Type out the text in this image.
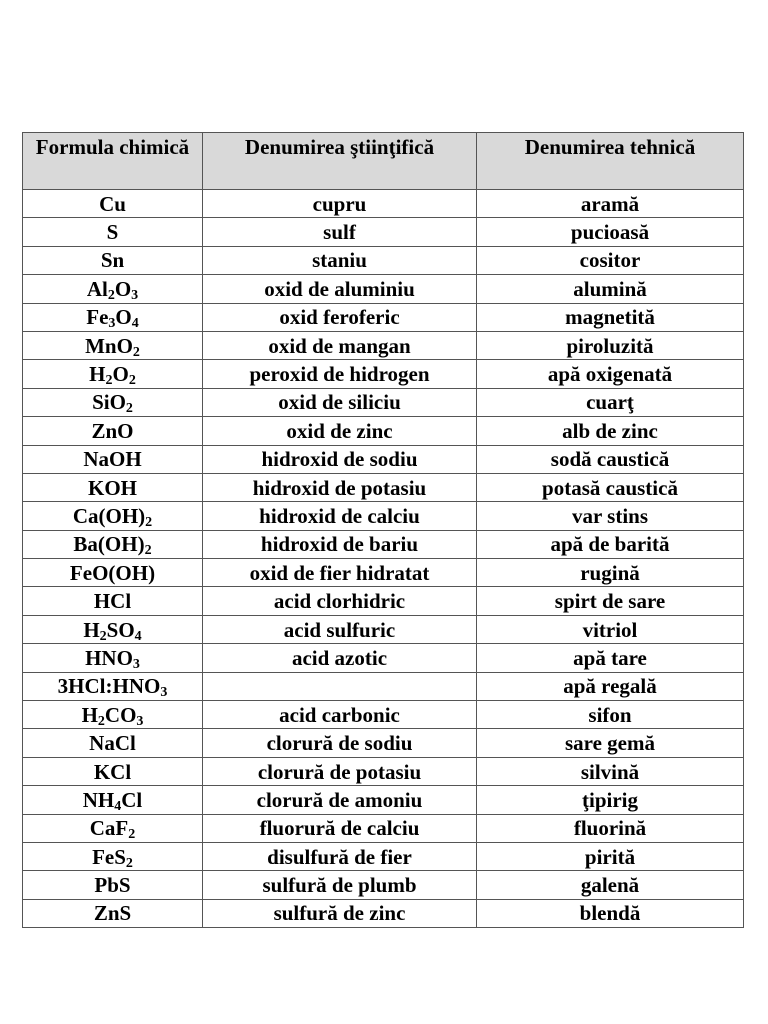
Formula chimică	Denumirea ştiinţifică	Denumirea tehnică
Cu	cupru	aramă
S	sulf	pucioasă
Sn	staniu	cositor
$Al_2O_3$	oxid de aluminiu	alumină
$Fe_3O_4$	oxid feroferic	magnetită
MnO$_2$	oxid de mangan	piroluzită
$H_2O_2$	peroxid de hidrogen	apă oxigenată
SiO$_2$	oxid de siliciu	cuarţ
ZnO	oxid de zinc	alb de zinc
NaOH	hidroxid de sodiu	sodă caustică
KOH	hidroxid de potasiu	potasă caustică
$Ca(OH)_2$	hidroxid de calciu	var stins
$Ba(OH)_2$	hidroxid de bariu	apă de barită
FeO(OH)	oxid de fier hidratat	rugină
HCl	acid clorhidric	spirt de sare
$H_2SO_4$	acid sulfuric	vitriol
$HNO_3$	acid azotic	apă tare
$3HCl:HNO_3$		apă regală
$H_2CO_3$	acid carbonic	sifon
NaCl	clorură de sodiu	sare gemă
KCl	clorură de potasiu	silvină
$NH_4Cl$	clorură de amoniu	ţipirig
CaF$_2$	fluorură de calciu	fluorină
FeS$_2$	disulfură de fier	pirită
PbS	sulfură de plumb	galenă
ZnS	sulfură de zinc	blendă
